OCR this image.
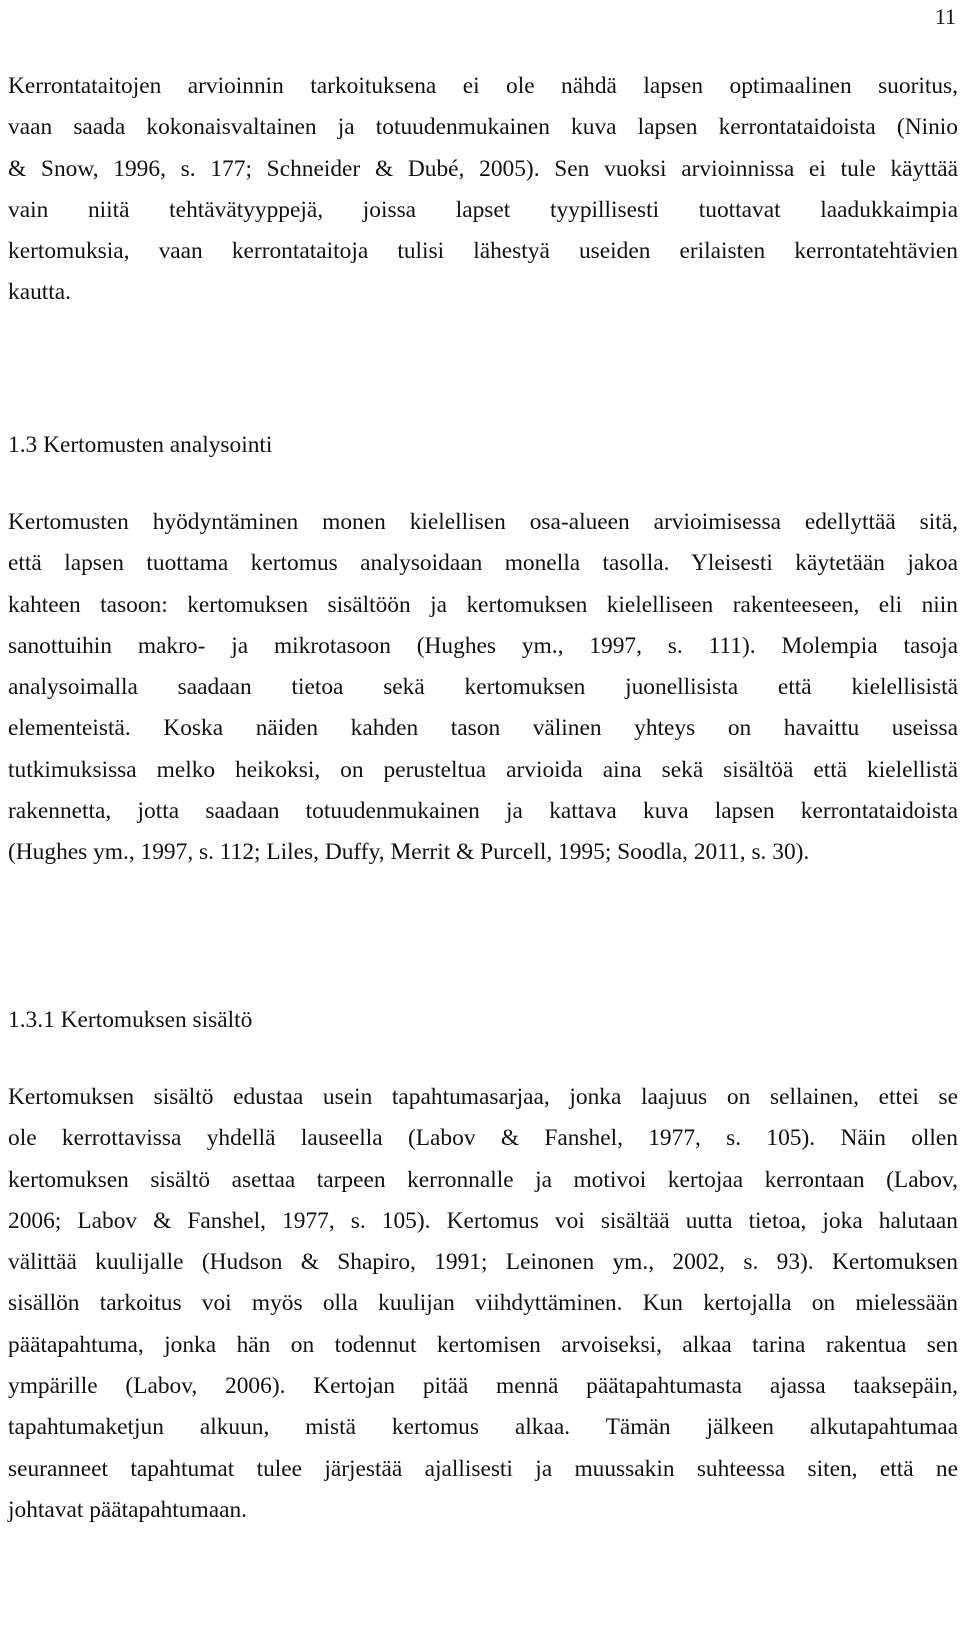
11
Kerrontataitojen arvioinnin tarkoituksena ei ole nähdä lapsen optimaalinen suoritus,
vaan saada kokonaisvaltainen ja totuudenmukainen kuva lapsen kerrontataidoista (Ninio
& Snow, 1996, s. 177; Schneider & Dubé, 2005). Sen vuoksi arvioinnissa ei tule käyttää
vain niitä tehtävätyyppejä, joissa lapset tyypillisesti tuottavat laadukkaimpia
kertomuksia, vaan kerrontataitoja tulisi lähestyä useiden erilaisten kerrontatehtävien
kautta.
1.3 Kertomusten analysointi
Kertomusten hyödyntäminen monen kielellisen osa-alueen arvioimisessa edellyttää sitä,
että lapsen tuottama kertomus analysoidaan monella tasolla. Yleisesti käytetään jakoa
kahteen tasoon: kertomuksen sisältöön ja kertomuksen kielelliseen rakenteeseen, eli niin
sanottuihin makro- ja mikrotasoon (Hughes ym., 1997, s. 111). Molempia tasoja
analysoimalla saadaan tietoa sekä kertomuksen juonellisista että kielellisistä
elementeistä. Koska näiden kahden tason välinen yhteys on havaittu useissa
tutkimuksissa melko heikoksi, on perusteltua arvioida aina sekä sisältöä että kielellistä
rakennetta, jotta saadaan totuudenmukainen ja kattava kuva lapsen kerrontataidoista
(Hughes ym., 1997, s. 112; Liles, Duffy, Merrit & Purcell, 1995; Soodla, 2011, s. 30).
1.3.1 Kertomuksen sisältö
Kertomuksen sisältö edustaa usein tapahtumasarjaa, jonka laajuus on sellainen, ettei se
ole kerrottavissa yhdellä lauseella (Labov & Fanshel, 1977, s. 105). Näin ollen
kertomuksen sisältö asettaa tarpeen kerronnalle ja motivoi kertojaa kerrontaan (Labov,
2006; Labov & Fanshel, 1977, s. 105). Kertomus voi sisältää uutta tietoa, joka halutaan
välittää kuulijalle (Hudson & Shapiro, 1991; Leinonen ym., 2002, s. 93). Kertomuksen
sisällön tarkoitus voi myös olla kuulijan viihdyttäminen. Kun kertojalla on mielessään
päätapahtuma, jonka hän on todennut kertomisen arvoiseksi, alkaa tarina rakentua sen
ympärille (Labov, 2006). Kertojan pitää mennä päätapahtumasta ajassa taaksepäin,
tapahtumaketjun alkuun, mistä kertomus alkaa. Tämän jälkeen alkutapahtumaa
seuranneet tapahtumat tulee järjestää ajallisesti ja muussakin suhteessa siten, että ne
johtavat päätapahtumaan.
